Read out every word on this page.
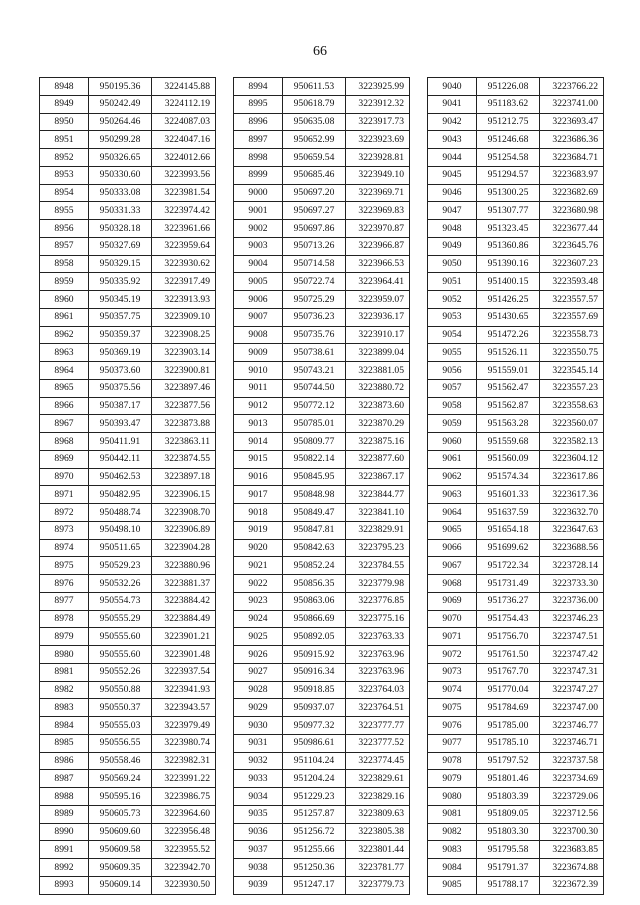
66
8948	950195.36	3224145.88
8949	950242.49	3224112.19
8950	950264.46	3224087.03
8951	950299.28	3224047.16
8952	950326.65	3224012.66
8953	950330.60	3223993.56
8954	950333.08	3223981.54
8955	950331.33	3223974.42
8956	950328.18	3223961.66
8957	950327.69	3223959.64
8958	950329.15	3223930.62
8959	950335.92	3223917.49
8960	950345.19	3223913.93
8961	950357.75	3223909.10
8962	950359.37	3223908.25
8963	950369.19	3223903.14
8964	950373.60	3223900.81
8965	950375.56	3223897.46
8966	950387.17	3223877.56
8967	950393.47	3223873.88
8968	950411.91	3223863.11
8969	950442.11	3223874.55
8970	950462.53	3223897.18
8971	950482.95	3223906.15
8972	950488.74	3223908.70
8973	950498.10	3223906.89
8974	950511.65	3223904.28
8975	950529.23	3223880.96
8976	950532.26	3223881.37
8977	950554.73	3223884.42
8978	950555.29	3223884.49
8979	950555.60	3223901.21
8980	950555.60	3223901.48
8981	950552.26	3223937.54
8982	950550.88	3223941.93
8983	950550.37	3223943.57
8984	950555.03	3223979.49
8985	950556.55	3223980.74
8986	950558.46	3223982.31
8987	950569.24	3223991.22
8988	950595.16	3223986.75
8989	950605.73	3223964.60
8990	950609.60	3223956.48
8991	950609.58	3223955.52
8992	950609.35	3223942.70
8993	950609.14	3223930.50
8994	950611.53	3223925.99
8995	950618.79	3223912.32
8996	950635.08	3223917.73
8997	950652.99	3223923.69
8998	950659.54	3223928.81
8999	950685.46	3223949.10
9000	950697.20	3223969.71
9001	950697.27	3223969.83
9002	950697.86	3223970.87
9003	950713.26	3223966.87
9004	950714.58	3223966.53
9005	950722.74	3223964.41
9006	950725.29	3223959.07
9007	950736.23	3223936.17
9008	950735.76	3223910.17
9009	950738.61	3223899.04
9010	950743.21	3223881.05
9011	950744.50	3223880.72
9012	950772.12	3223873.60
9013	950785.01	3223870.29
9014	950809.77	3223875.16
9015	950822.14	3223877.60
9016	950845.95	3223867.17
9017	950848.98	3223844.77
9018	950849.47	3223841.10
9019	950847.81	3223829.91
9020	950842.63	3223795.23
9021	950852.24	3223784.55
9022	950856.35	3223779.98
9023	950863.06	3223776.85
9024	950866.69	3223775.16
9025	950892.05	3223763.33
9026	950915.92	3223763.96
9027	950916.34	3223763.96
9028	950918.85	3223764.03
9029	950937.07	3223764.51
9030	950977.32	3223777.77
9031	950986.61	3223777.52
9032	951104.24	3223774.45
9033	951204.24	3223829.61
9034	951229.23	3223829.16
9035	951257.87	3223809.63
9036	951256.72	3223805.38
9037	951255.66	3223801.44
9038	951250.36	3223781.77
9039	951247.17	3223779.73
9040	951226.08	3223766.22
9041	951183.62	3223741.00
9042	951212.75	3223693.47
9043	951246.68	3223686.36
9044	951254.58	3223684.71
9045	951294.57	3223683.97
9046	951300.25	3223682.69
9047	951307.77	3223680.98
9048	951323.45	3223677.44
9049	951360.86	3223645.76
9050	951390.16	3223607.23
9051	951400.15	3223593.48
9052	951426.25	3223557.57
9053	951430.65	3223557.69
9054	951472.26	3223558.73
9055	951526.11	3223550.75
9056	951559.01	3223545.14
9057	951562.47	3223557.23
9058	951562.87	3223558.63
9059	951563.28	3223560.07
9060	951559.68	3223582.13
9061	951560.09	3223604.12
9062	951574.34	3223617.86
9063	951601.33	3223617.36
9064	951637.59	3223632.70
9065	951654.18	3223647.63
9066	951699.62	3223688.56
9067	951722.34	3223728.14
9068	951731.49	3223733.30
9069	951736.27	3223736.00
9070	951754.43	3223746.23
9071	951756.70	3223747.51
9072	951761.50	3223747.42
9073	951767.70	3223747.31
9074	951770.04	3223747.27
9075	951784.69	3223747.00
9076	951785.00	3223746.77
9077	951785.10	3223746.71
9078	951797.52	3223737.58
9079	951801.46	3223734.69
9080	951803.39	3223729.06
9081	951809.05	3223712.56
9082	951803.30	3223700.30
9083	951795.58	3223683.85
9084	951791.37	3223674.88
9085	951788.17	3223672.39
